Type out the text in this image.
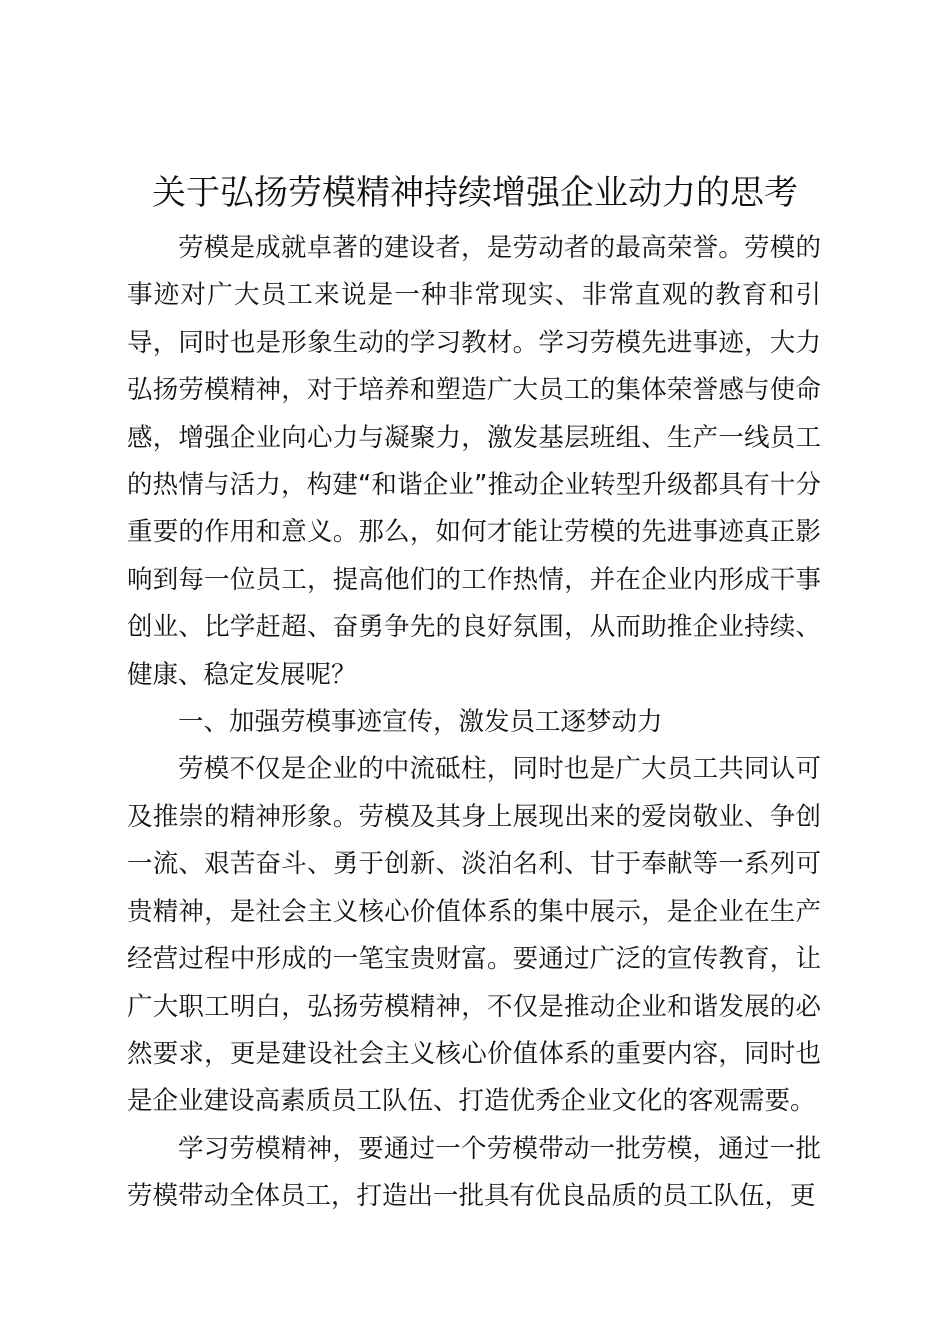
关于弘扬劳模精神持续增强企业动力的思考

劳模是成就卓著的建设者，是劳动者的最高荣誉。劳模的事迹对广大员工来说是一种非常现实、非常直观的教育和引导，同时也是形象生动的学习教材。学习劳模先进事迹，大力弘扬劳模精神，对于培养和塑造广大员工的集体荣誉感与使命感，增强企业向心力与凝聚力，激发基层班组、生产一线员工的热情与活力，构建“和谐企业”推动企业转型升级都具有十分重要的作用和意义。那么，如何才能让劳模的先进事迹真正影响到每一位员工，提高他们的工作热情，并在企业内形成干事创业、比学赶超、奋勇争先的良好氛围，从而助推企业持续、健康、稳定发展呢？

一、加强劳模事迹宣传，激发员工逐梦动力

劳模不仅是企业的中流砥柱，同时也是广大员工共同认可及推崇的精神形象。劳模及其身上展现出来的爱岗敬业、争创一流、艰苦奋斗、勇于创新、淡泊名利、甘于奉献等一系列可贵精神，是社会主义核心价值体系的集中展示，是企业在生产经营过程中形成的一笔宝贵财富。要通过广泛的宣传教育，让广大职工明白，弘扬劳模精神，不仅是推动企业和谐发展的必然要求，更是建设社会主义核心价值体系的重要内容，同时也是企业建设高素质员工队伍、打造优秀企业文化的客观需要。

学习劳模精神，要通过一个劳模带动一批劳模，通过一批劳模带动全体员工，打造出一批具有优良品质的员工队伍，更
